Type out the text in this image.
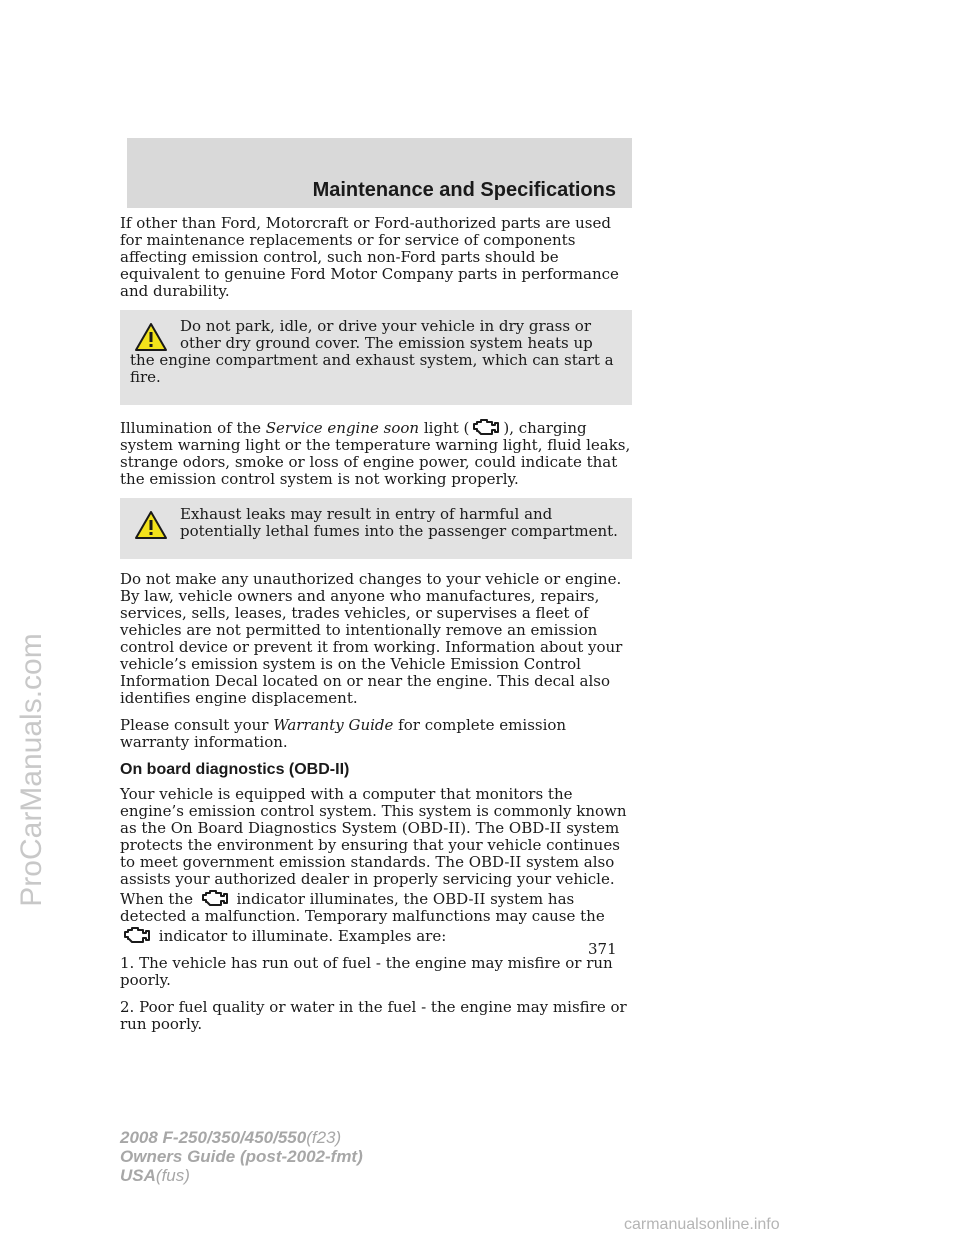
Maintenance and Specifications

If other than Ford, Motorcraft or Ford-authorized parts are used for maintenance replacements or for service of components affecting emission control, such non-Ford parts should be equivalent to genuine Ford Motor Company parts in performance and durability.

Do not park, idle, or drive your vehicle in dry grass or other dry ground cover. The emission system heats up the engine compartment and exhaust system, which can start a fire.

Illumination of the Service engine soon light ( ), charging system warning light or the temperature warning light, fluid leaks, strange odors, smoke or loss of engine power, could indicate that the emission control system is not working properly.

Exhaust leaks may result in entry of harmful and potentially lethal fumes into the passenger compartment.

Do not make any unauthorized changes to your vehicle or engine. By law, vehicle owners and anyone who manufactures, repairs, services, sells, leases, trades vehicles, or supervises a fleet of vehicles are not permitted to intentionally remove an emission control device or prevent it from working. Information about your vehicle’s emission system is on the Vehicle Emission Control Information Decal located on or near the engine. This decal also identifies engine displacement.

Please consult your Warranty Guide for complete emission warranty information.

On board diagnostics (OBD-II)

Your vehicle is equipped with a computer that monitors the engine’s emission control system. This system is commonly known as the On Board Diagnostics System (OBD-II). The OBD-II system protects the environment by ensuring that your vehicle continues to meet government emission standards. The OBD-II system also assists your authorized dealer in properly servicing your vehicle. When the  indicator illuminates, the OBD-II system has detected a malfunction. Temporary malfunctions may cause the  indicator to illuminate. Examples are:

1. The vehicle has run out of fuel - the engine may misfire or run poorly.

2. Poor fuel quality or water in the fuel - the engine may misfire or run poorly.

371

2008 F-250/350/450/550(f23)
Owners Guide (post-2002-fmt)
USA(fus)
ProCarManuals.com

carmanualsonline.info
